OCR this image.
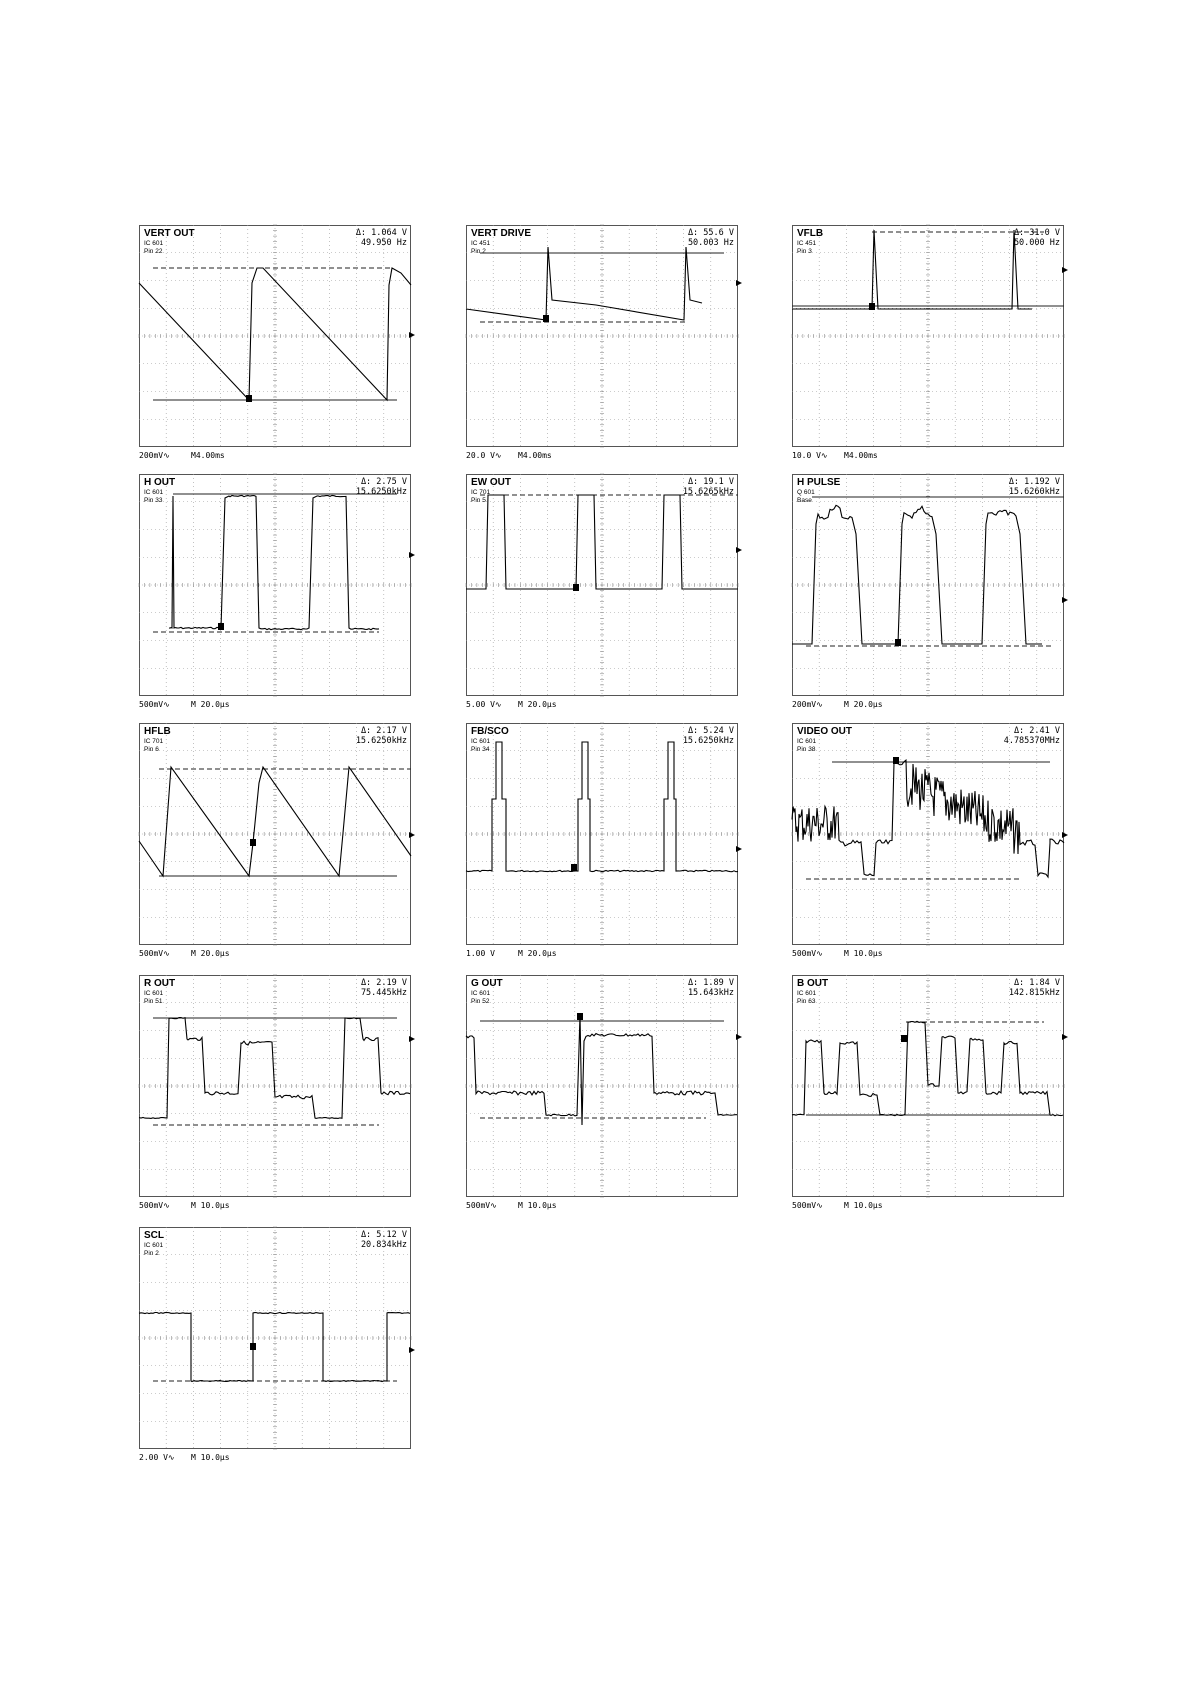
VERT OUT
IC 601
Pin 22
Δ: 1.064 V
49.950 Hz
200mV∿	M4.00ms
VERT DRIVE
IC 451
Pin 2
Δ: 55.6 V
50.003 Hz
20.0 V∿ M4.00ms
VFLB
IC 451
Pin 3
Δ: 31.0 V
50.000 Hz
10.0 V∿ M4.00ms
H OUT
IC 601
Pin 33
Δ: 2.75 V
15.6250kHz
500mV∿	M 20.0µs
EW OUT
IC 701
Pin 5
Δ: 19.1 V
15.6265kHz
5.00 V∿ M 20.0µs
H PULSE
Q 601
Base
Δ: 1.192 V
15.6260kHz
200mV∿	M 20.0µs
HFLB
IC 701
Pin 6
Δ: 2.17 V
15.6250kHz
500mV∿	M 20.0µs
FB/SCO
IC 601
Pin 34
Δ: 5.24 V
15.6250kHz
1.00 V	M 20.0µs
VIDEO OUT
IC 601
Pin 38
Δ: 2.41 V
4.785370MHz
500mV∿	M 10.0µs
R OUT
IC 601
Pin 51
Δ: 2.19 V
75.445kHz
500mV∿	M 10.0µs
G OUT
IC 601
Pin 52
Δ: 1.89 V
15.643kHz
500mV∿	M 10.0µs
B OUT
IC 601
Pin 63
Δ: 1.84 V
142.815kHz
500mV∿	M 10.0µs
SCL
IC 601
Pin 2
Δ: 5.12 V
20.834kHz
2.00 V∿ M 10.0µs
